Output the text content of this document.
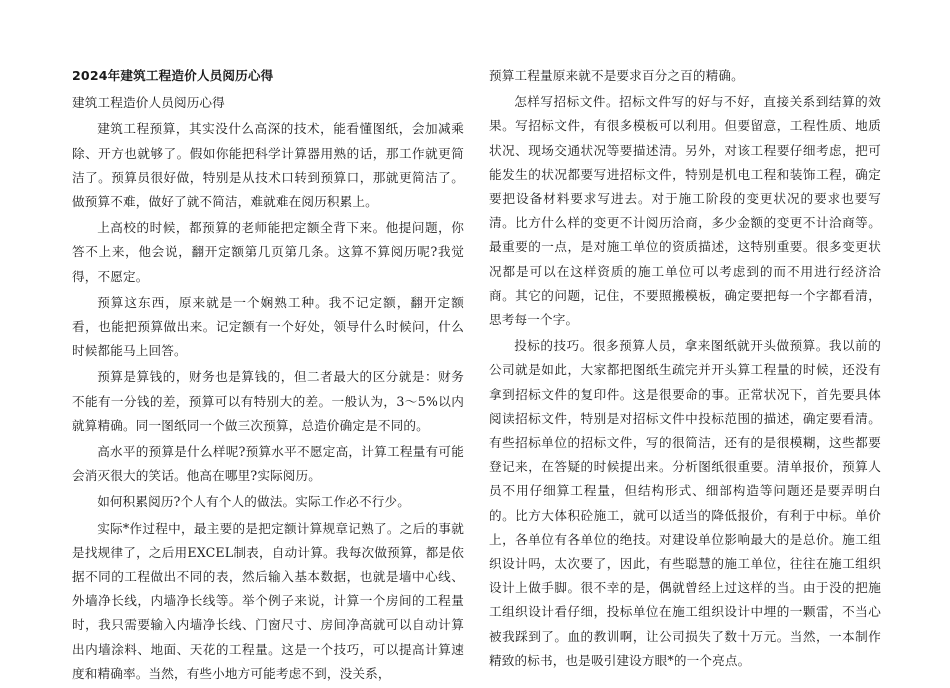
2024年建筑工程造价人员阅历心得
建筑工程造价人员阅历心得

建筑工程预算，其实没什么高深的技术，能看懂图纸，会加减乘除、开方也就够了。假如你能把科学计算器用熟的话，那工作就更简洁了。预算员很好做，特别是从技术口转到预算口，那就更简洁了。做预算不难，做好了就不简洁，难就难在阅历积累上。

上高校的时候，都预算的老师能把定额全背下来。他提问题，你答不上来，他会说，翻开定额第几页第几条。这算不算阅历呢?我觉得，不愿定。

预算这东西，原来就是一个娴熟工种。我不记定额，翻开定额看，也能把预算做出来。记定额有一个好处，领导什么时候问，什么时候都能马上回答。

预算是算钱的，财务也是算钱的，但二者最大的区分就是：财务不能有一分钱的差，预算可以有特别大的差。一般认为，3～5%以内就算精确。同一图纸同一个做三次预算，总造价确定是不同的。

高水平的预算是什么样呢?预算水平不愿定高，计算工程量有可能会消灭很大的笑话。他高在哪里?实际阅历。

如何积累阅历?个人有个人的做法。实际工作必不行少。

实际*作过程中，最主要的是把定额计算规章记熟了。之后的事就是找规律了，之后用EXCEL制表，自动计算。我每次做预算，都是依据不同的工程做出不同的表，然后输入基本数据，也就是墙中心线、外墙净长线，内墙净长线等。举个例子来说，计算一个房间的工程量时，我只需要输入内墙净长线、门窗尺寸、房间净高就可以自动计算出内墙涂料、地面、天花的工程量。这是一个技巧，可以提高计算速度和精确率。当然，有些小地方可能考虑不到，没关系，

预算工程量原来就不是要求百分之百的精确。

怎样写招标文件。招标文件写的好与不好，直接关系到结算的效果。写招标文件，有很多模板可以利用。但要留意，工程性质、地质状况、现场交通状况等要描述清。另外，对该工程要仔细考虑，把可能发生的状况都要写进招标文件，特别是机电工程和装饰工程，确定要把设备材料要求写进去。对于施工阶段的变更状况的要求也要写清。比方什么样的变更不计阅历洽商，多少金额的变更不计洽商等。最重要的一点，是对施工单位的资质描述，这特别重要。很多变更状况都是可以在这样资质的施工单位可以考虑到的而不用进行经济洽商。其它的问题，记住，不要照搬模板，确定要把每一个字都看清，思考每一个字。

投标的技巧。很多预算人员，拿来图纸就开头做预算。我以前的公司就是如此，大家都把图纸生疏完并开头算工程量的时候，还没有拿到招标文件的复印件。这是很要命的事。正常状况下，首先要具体阅读招标文件，特别是对招标文件中投标范围的描述，确定要看清。有些招标单位的招标文件，写的很简洁，还有的是很模糊，这些都要登记来，在答疑的时候提出来。分析图纸很重要。清单报价，预算人员不用仔细算工程量，但结构形式、细部构造等问题还是要弄明白的。比方大体积砼施工，就可以适当的降低报价，有利于中标。单价上，各单位有各单位的绝技。对建设单位影响最大的是总价。施工组织设计吗，太次要了，因此，有些聪慧的施工单位，往往在施工组织设计上做手脚。很不幸的是，偶就曾经上过这样的当。由于没的把施工组织设计看仔细，投标单位在施工组织设计中埋的一颗雷，不当心被我踩到了。血的教训啊，让公司损失了数十万元。当然，一本制作精致的标书，也是吸引建设方眼*的一个亮点。
